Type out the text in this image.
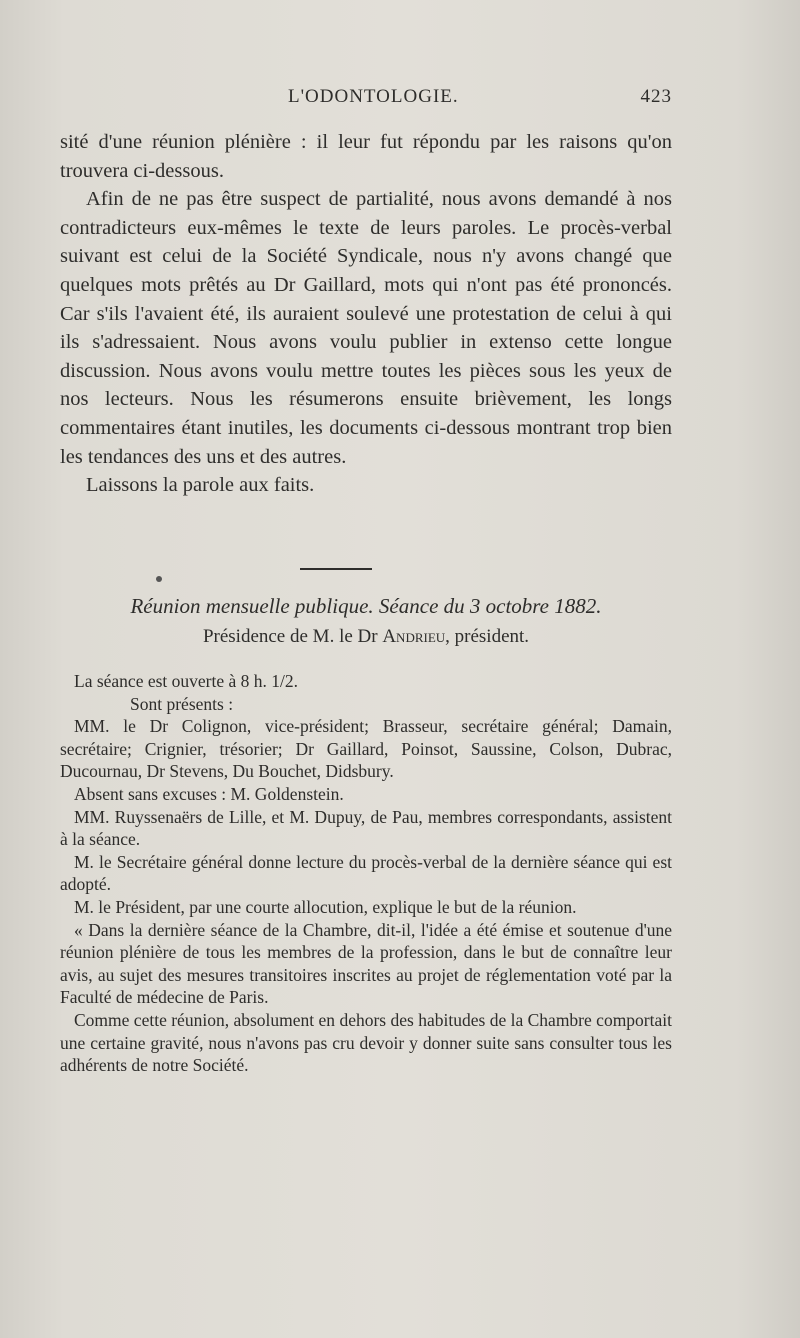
L'ODONTOLOGIE.	423

sité d'une réunion plénière : il leur fut répondu par les raisons qu'on trouvera ci-dessous.

Afin de ne pas être suspect de partialité, nous avons demandé à nos contradicteurs eux-mêmes le texte de leurs paroles. Le procès-verbal suivant est celui de la Société Syndicale, nous n'y avons changé que quelques mots prêtés au Dr Gaillard, mots qui n'ont pas été prononcés. Car s'ils l'avaient été, ils auraient soulevé une protestation de celui à qui ils s'adressaient. Nous avons voulu publier in extenso cette longue discussion. Nous avons voulu mettre toutes les pièces sous les yeux de nos lecteurs. Nous les résumerons ensuite brièvement, les longs commentaires étant inutiles, les documents ci-dessous montrant trop bien les tendances des uns et des autres.

Laissons la parole aux faits.

Réunion mensuelle publique. Séance du 3 octobre 1882.
Présidence de M. le Dr Andrieu, président.

La séance est ouverte à 8 h. 1/2.

Sont présents :

MM. le Dr Colignon, vice-président; Brasseur, secrétaire général; Damain, secrétaire; Crignier, trésorier; Dr Gaillard, Poinsot, Saussine, Colson, Dubrac, Ducournau, Dr Stevens, Du Bouchet, Didsbury.

Absent sans excuses : M. Goldenstein.

MM. Ruyssenaërs de Lille, et M. Dupuy, de Pau, membres correspondants, assistent à la séance.

M. le Secrétaire général donne lecture du procès-verbal de la dernière séance qui est adopté.

M. le Président, par une courte allocution, explique le but de la réunion.

« Dans la dernière séance de la Chambre, dit-il, l'idée a été émise et soutenue d'une réunion plénière de tous les membres de la profession, dans le but de connaître leur avis, au sujet des mesures transitoires inscrites au projet de réglementation voté par la Faculté de médecine de Paris.

Comme cette réunion, absolument en dehors des habitudes de la Chambre comportait une certaine gravité, nous n'avons pas cru devoir y donner suite sans consulter tous les adhérents de notre Société.
